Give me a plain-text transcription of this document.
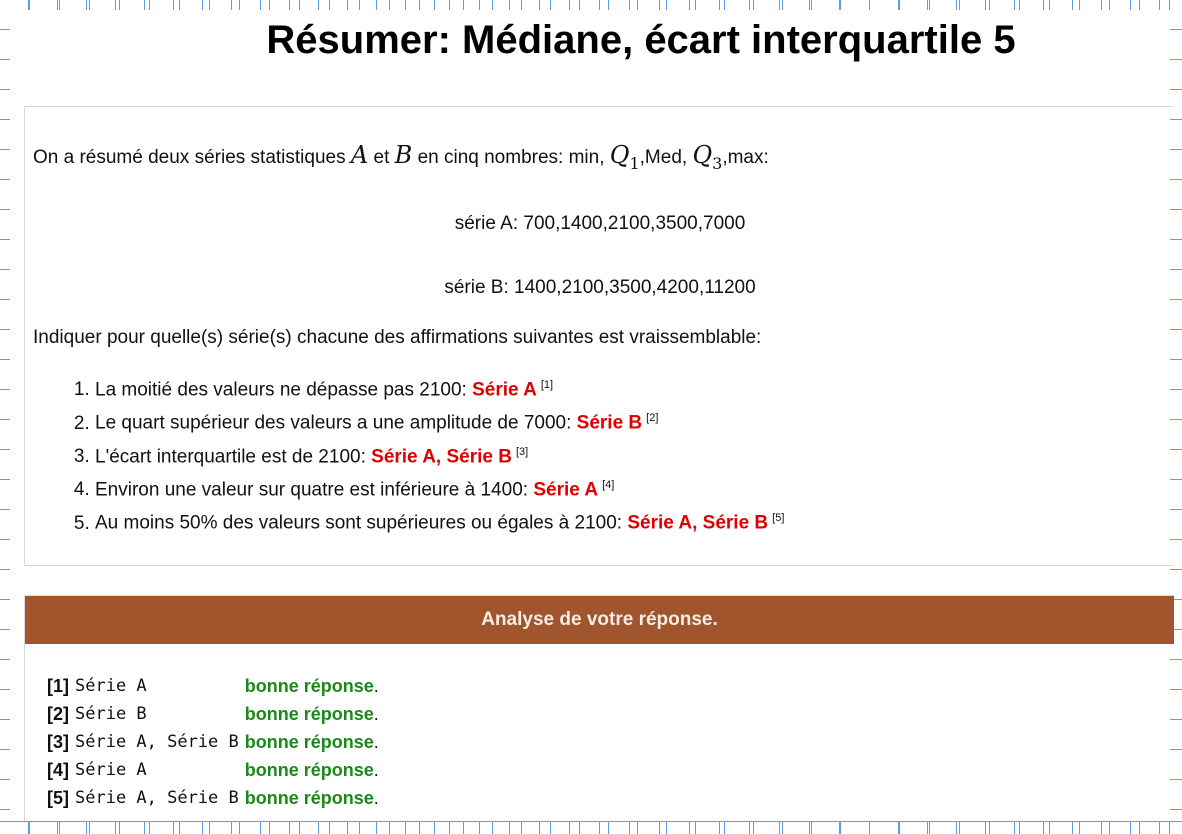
Résumer: Médiane, écart interquartile 5
On a résumé deux séries statistiques A et B en cinq nombres: min, $Q_1,Med$, $Q_3,\max$:
série A: 700,1400,2100,3500,7000
série B: 1400,2100,3500,4200,11200
Indiquer pour quelle(s) série(s) chacune des affirmations suivantes est vraissemblable:
1. La moitié des valeurs ne dépasse pas 2100: Série A [1]
2. Le quart supérieur des valeurs a une amplitude de 7000: Série B [2]
3. L'écart interquartile est de 2100: Série A, Série B [3]
4. Environ une valeur sur quatre est inférieure à 1400: Série A [4]
5. Au moins 50% des valeurs sont supérieures ou égales à 2100: Série A, Série B [5]
Analyse de votre réponse.
[1]	Série A	bonne réponse.
[2]	Série B	bonne réponse.
[3]	Série A, Série B	bonne réponse.
[4]	Série A	bonne réponse.
[5]	Série A, Série B	bonne réponse.
